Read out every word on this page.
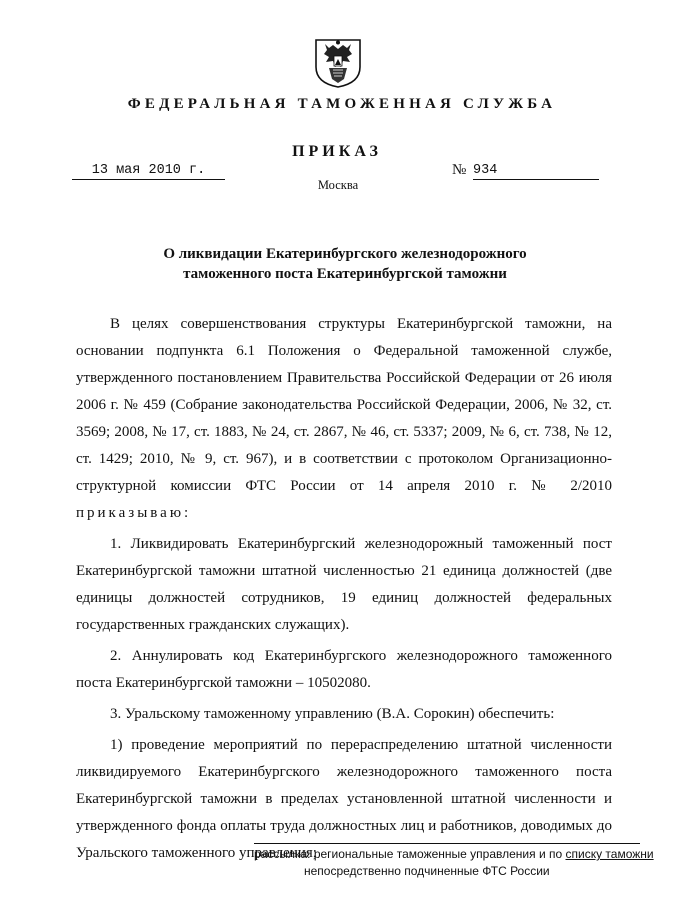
ФЕДЕРАЛЬНАЯ ТАМОЖЕННАЯ СЛУЖБА
ПРИКАЗ
13 мая 2010 г.	№ 934
Москва
О ликвидации Екатеринбургского железнодорожного
таможенного поста Екатеринбургской таможни

В целях совершенствования структуры Екатеринбургской таможни, на основании подпункта 6.1 Положения о Федеральной таможенной службе, утвержденного постановлением Правительства Российской Федерации от 26 июля 2006 г. № 459 (Собрание законодательства Российской Федерации, 2006, № 32, ст. 3569; 2008, № 17, ст. 1883, № 24, ст. 2867, № 46, ст. 5337; 2009, № 6, ст. 738, № 12, ст. 1429; 2010, № 9, ст. 967), и в соответствии с протоколом Организационно-структурной комиссии ФТС России от 14 апреля 2010 г. № 2/2010 приказываю:

1. Ликвидировать Екатеринбургский железнодорожный таможенный пост Екатеринбургской таможни штатной численностью 21 единица должностей (две единицы должностей сотрудников, 19 единиц должностей федеральных государственных гражданских служащих).

2. Аннулировать код Екатеринбургского железнодорожного таможенного поста Екатеринбургской таможни – 10502080.

3. Уральскому таможенному управлению (В.А. Сорокин) обеспечить:

1) проведение мероприятий по перераспределению штатной численности ликвидируемого Екатеринбургского железнодорожного таможенного поста Екатеринбургской таможни в пределах установленной штатной численности и утвержденного фонда оплаты труда должностных лиц и работников, доводимых до Уральского таможенного управления;

рассылка: региональные таможенные управления и по списку таможни
непосредственно подчиненные ФТС России
